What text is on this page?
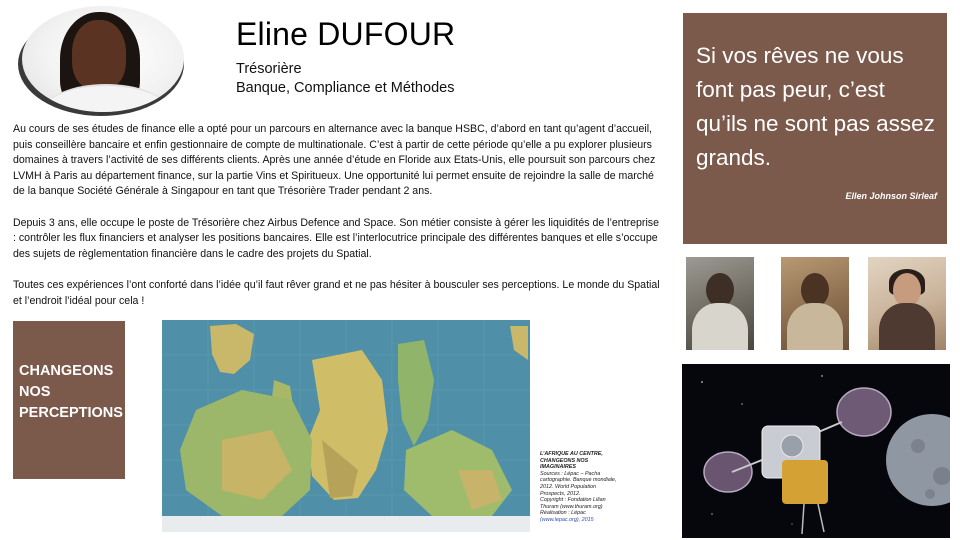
Eline DUFOUR
Trésorière
Banque, Compliance et Méthodes

Au cours de ses études de finance elle a opté pour un parcours en alternance avec la banque HSBC, d’abord en tant qu’agent d’accueil, puis conseillère bancaire et enfin gestionnaire de compte de multinationale. C’est à partir de cette période qu’elle a pu explorer plusieurs domaines à travers l’activité de ses différents clients. Après une année d’étude en Floride aux Etats-Unis, elle poursuit son parcours chez LVMH à Paris au département finance, sur la partie Vins et Spiritueux. Une opportunité lui permet ensuite de rejoindre la salle de marché de la banque Société Générale à Singapour en tant que Trésorière Trader pendant 2 ans.

Depuis 3 ans, elle occupe le poste de Trésorière chez Airbus Defence and Space. Son métier consiste à gérer les liquidités de l’entreprise : contrôler les flux financiers et analyser les positions bancaires. Elle est l’interlocutrice principale des différentes banques et elle s’occupe des sujets de règlementation financière dans le cadre des projets du Spatial.

Toutes ces expériences l’ont conforté dans l’idée qu’il faut rêver grand et ne pas hésiter à bousculer ses perceptions. Le monde du Spatial et l’endroit l’idéal pour cela !

Si vos rêves ne vous font pas peur, c’est qu’ils ne sont pas assez grands.
Ellen Johnson Sirleaf
CHANGEONS
NOS
PERCEPTIONS
L’AFRIQUE AU CENTRE, CHANGEONS NOS IMAGINAIRES
Sources : Lépac – Pacha cartographie. Banque mondiale, 2012. World Population Prospects, 2012.
Copyright : Fondation Lilian Thuram (www.thuram.org)
Réalisation : Lépac
(www.lepac.org), 2015
